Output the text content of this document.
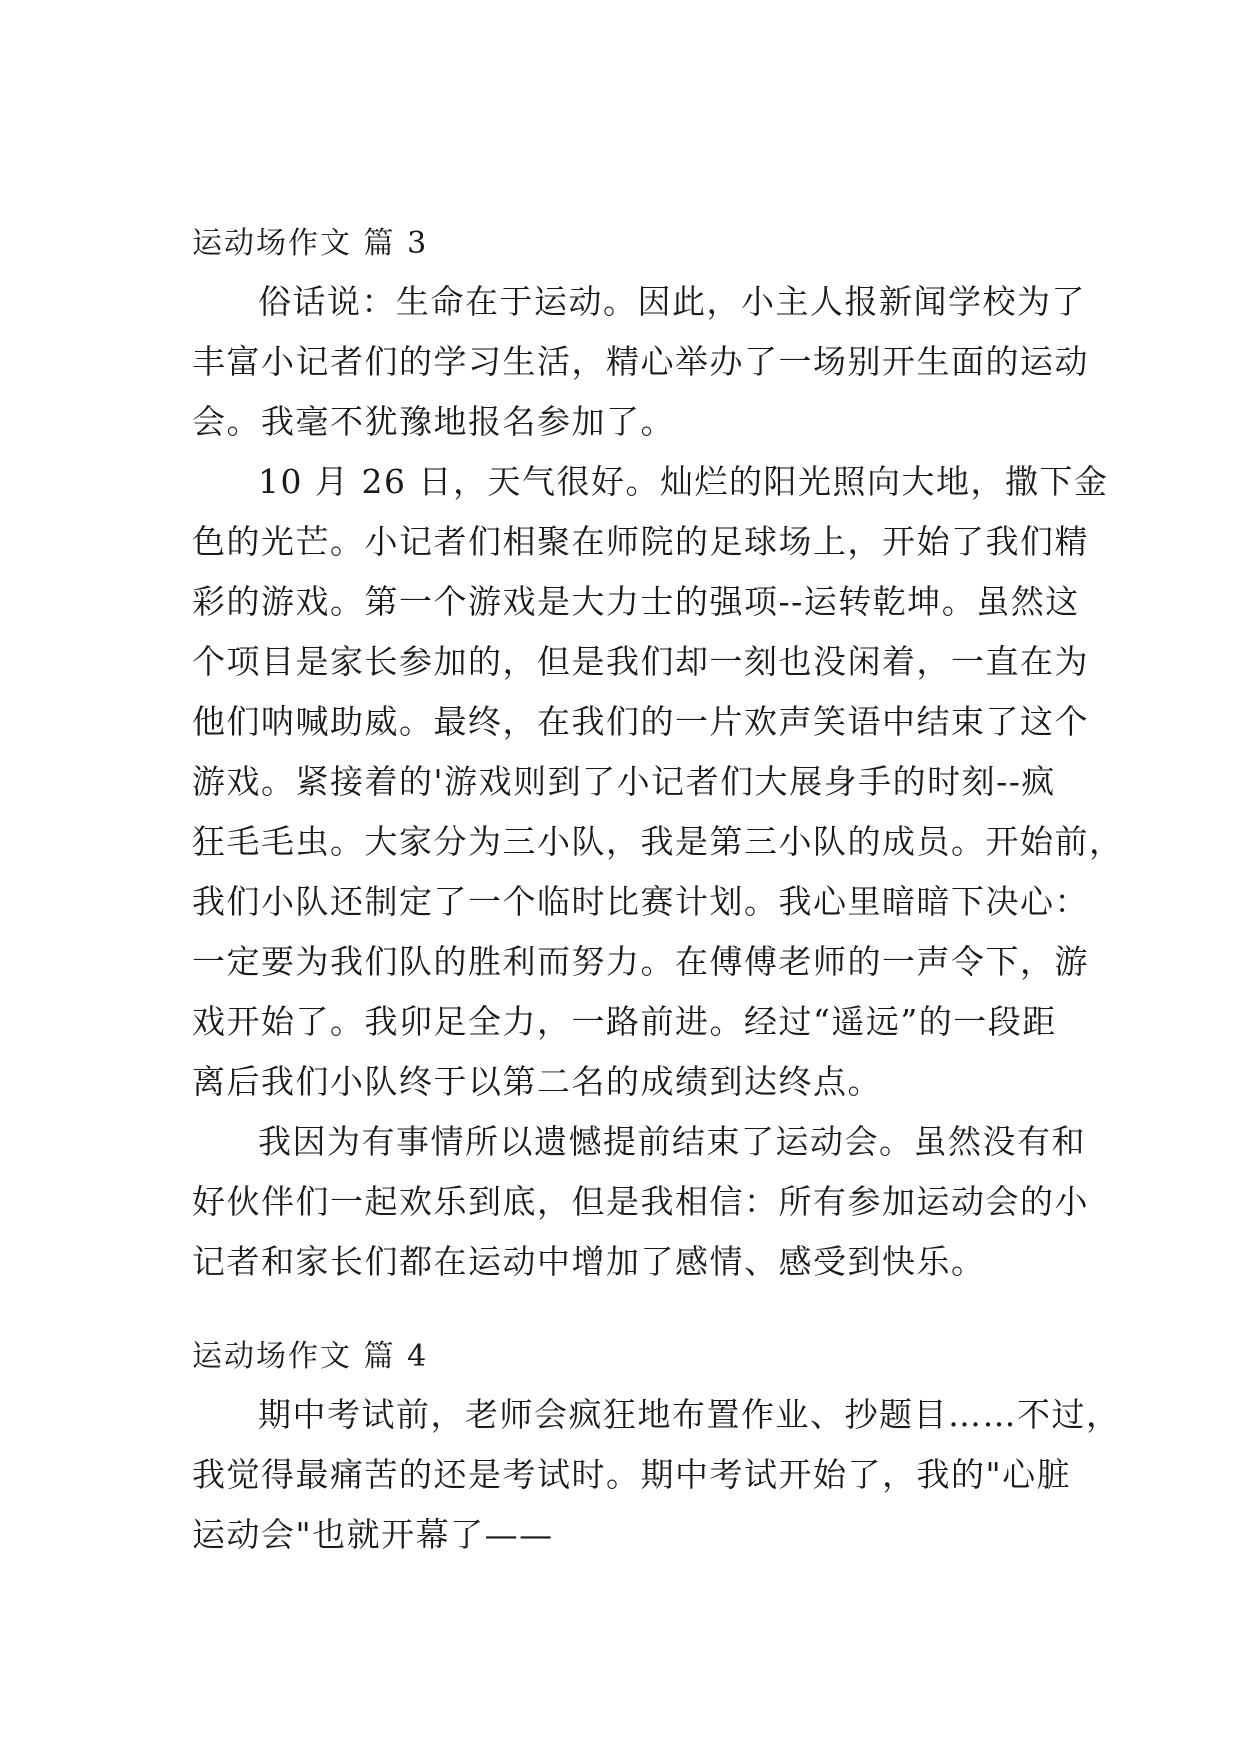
运动场作文 篇 3
俗话说：生命在于运动。因此，小主人报新闻学校为了
丰富小记者们的学习生活，精心举办了一场别开生面的运动
会。我毫不犹豫地报名参加了。
10 月 26 日，天气很好。灿烂的阳光照向大地，撒下金
色的光芒。小记者们相聚在师院的足球场上，开始了我们精
彩的游戏。第一个游戏是大力士的强项--运转乾坤。虽然这
个项目是家长参加的，但是我们却一刻也没闲着，一直在为
他们呐喊助威。最终，在我们的一片欢声笑语中结束了这个
游戏。紧接着的'游戏则到了小记者们大展身手的时刻--疯
狂毛毛虫。大家分为三小队，我是第三小队的成员。开始前，
我们小队还制定了一个临时比赛计划。我心里暗暗下决心：
一定要为我们队的胜利而努力。在傅傅老师的一声令下，游
戏开始了。我卯足全力，一路前进。经过“遥远”的一段距
离后我们小队终于以第二名的成绩到达终点。
我因为有事情所以遗憾提前结束了运动会。虽然没有和
好伙伴们一起欢乐到底，但是我相信：所有参加运动会的小
记者和家长们都在运动中增加了感情、感受到快乐。
运动场作文 篇 4
期中考试前，老师会疯狂地布置作业、抄题目……不过，
我觉得最痛苦的还是考试时。期中考试开始了，我的"心脏
运动会"也就开幕了——
